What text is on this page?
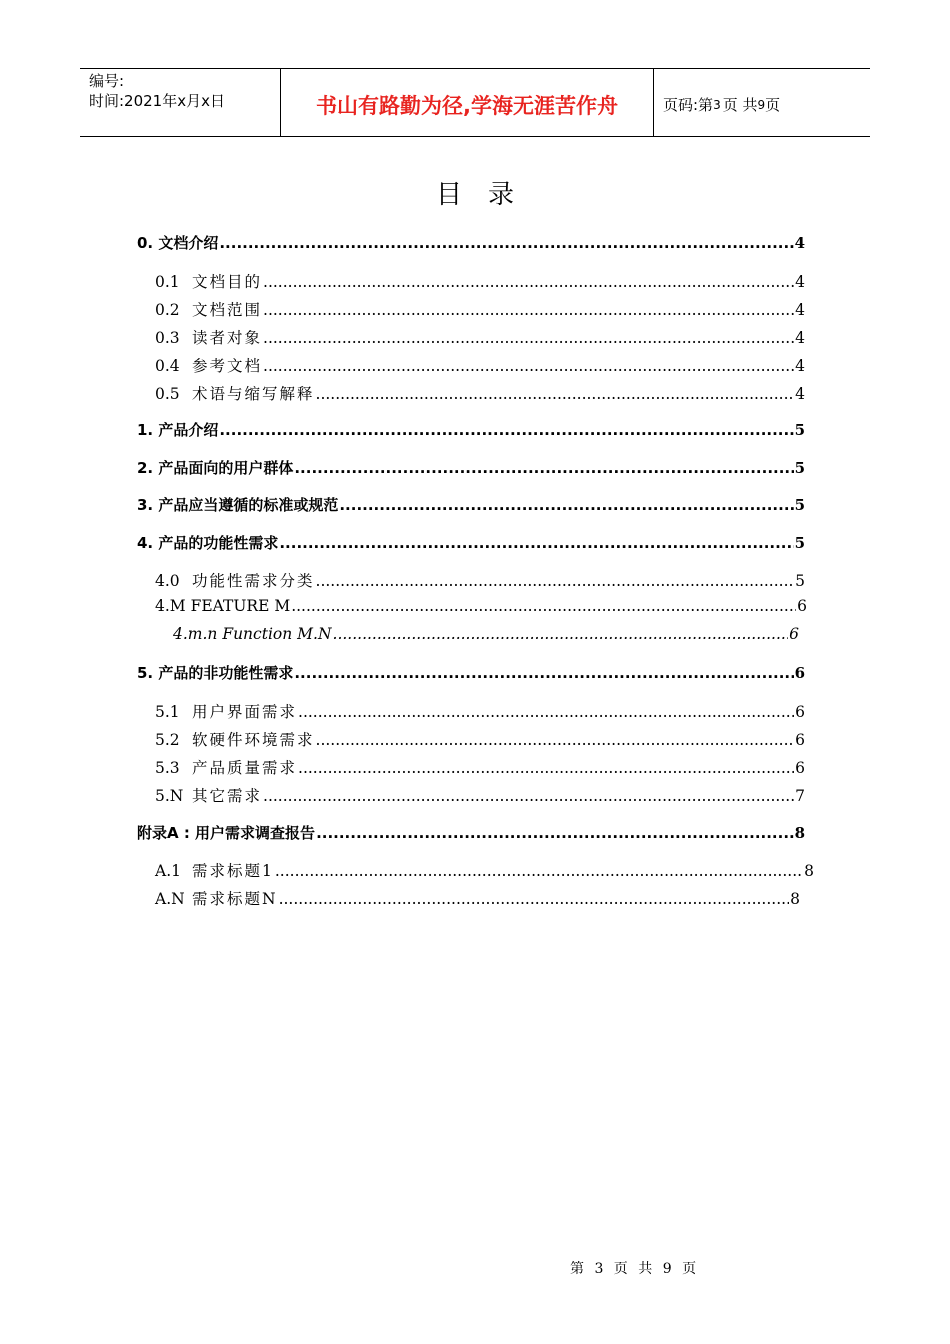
编号:
时间:2021年x月x日	书山有路勤为径,学海无涯苦作舟	页码:第 3 页 共 9 页
目录
0. 文档介绍 .....	4
0.1 文档目的 .....	4
0.2 文档范围 .....	4
0.3 读者对象 .....	4
0.4 参考文档 .....	4
0.5 术语与缩写解释 .....	4
1. 产品介绍 .....	5
2. 产品面向的用户群体 .....	5
3. 产品应当遵循的标准或规范 .....	5
4. 产品的功能性需求 .....	5
4.0 功能性需求分类 .....	5
4.M FEATURE M .....	6
4.m.n Function M.N .....	6
5. 产品的非功能性需求 .....	6
5.1 用户界面需求 .....	6
5.2 软硬件环境需求 .....	6
5.3 产品质量需求 .....	6
5.N 其它需求 .....	7
附录A : 用户需求调查报告 .....	8
A.1 需求标题1 .....	8
A.N 需求标题N .....	8
第 3 页 共 9 页
